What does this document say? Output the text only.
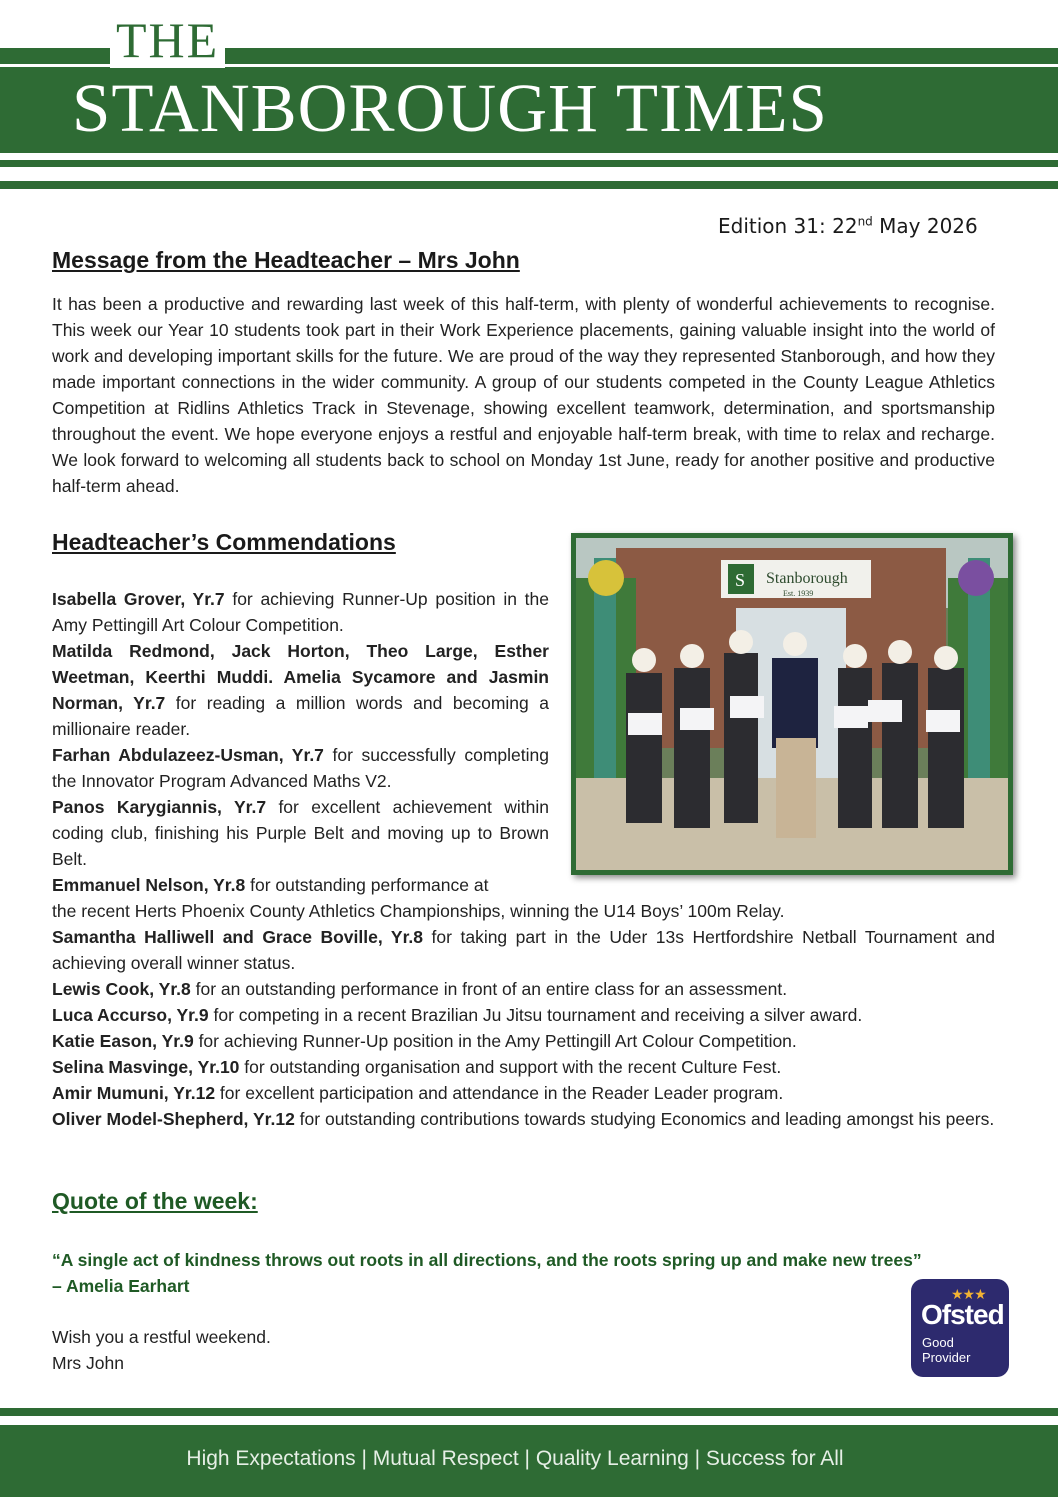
THE
STANBOROUGH TIMES
Edition 31: 22nd May 2026
Message from the Headteacher – Mrs John
It has been a productive and rewarding last week of this half-term, with plenty of wonderful achievements to recognise. This week our Year 10 students took part in their Work Experience placements, gaining valuable insight into the world of work and developing important skills for the future. We are proud of the way they represented Stanborough, and how they made important connections in the wider community. A group of our students competed in the County League Athletics Competition at Ridlins Athletics Track in Stevenage, showing excellent teamwork, determination, and sportsmanship throughout the event. We hope everyone enjoys a restful and enjoyable half-term break, with time to relax and recharge. We look forward to welcoming all students back to school on Monday 1st June, ready for another positive and productive half-term ahead.
Headteacher’s Commendations
Stanborough
Est. 1939
S
Isabella Grover, Yr.7 for achieving Runner-Up position in the Amy Pettingill Art Colour Competition.
Matilda Redmond, Jack Horton, Theo Large, Esther Weetman, Keerthi Muddi. Amelia Sycamore and Jasmin Norman, Yr.7 for reading a million words and becoming a millionaire reader.
Farhan Abdulazeez-Usman, Yr.7 for successfully completing the Innovator Program Advanced Maths V2.
Panos Karygiannis, Yr.7 for excellent achievement within coding club, finishing his Purple Belt and moving up to Brown Belt.
Emmanuel Nelson, Yr.8 for outstanding performance at
the recent Herts Phoenix County Athletics Championships, winning the U14 Boys’ 100m Relay.
Samantha Halliwell and Grace Boville, Yr.8 for taking part in the Uder 13s Hertfordshire Netball Tournament and achieving overall winner status.
Lewis Cook, Yr.8 for an outstanding performance in front of an entire class for an assessment.
Luca Accurso, Yr.9 for competing in a recent Brazilian Ju Jitsu tournament and receiving a silver award.
Katie Eason, Yr.9 for achieving Runner-Up position in the Amy Pettingill Art Colour Competition.
Selina Masvinge, Yr.10 for outstanding organisation and support with the recent Culture Fest.
Amir Mumuni, Yr.12 for excellent participation and attendance in the Reader Leader program.
Oliver Model-Shepherd, Yr.12 for outstanding contributions towards studying Economics and leading amongst his peers.
Quote of the week:
“A single act of kindness throws out roots in all directions, and the roots spring up and make new trees”
– Amelia Earhart
Wish you a restful weekend.
Mrs John
★★★
Ofsted
Good
Provider
High Expectations | Mutual Respect | Quality Learning | Success for All
